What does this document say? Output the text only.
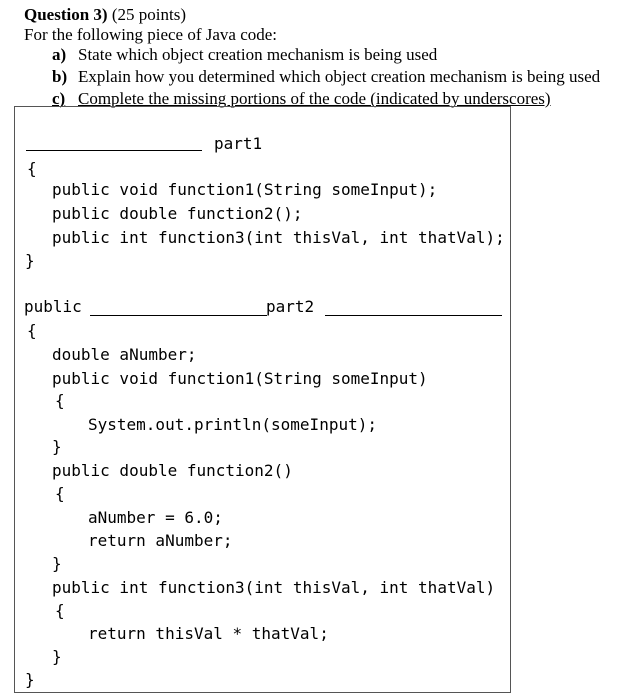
Question 3) (25 points)
For the following piece of Java code:
a) State which object creation mechanism is being used
b) Explain how you determined which object creation mechanism is being used
c) Complete the missing portions of the code (indicated by underscores)
part1
{
public void function1(String someInput);
public double function2();
public int function3(int thisVal, int thatVal);
}
public	part2
{
double aNumber;
public void function1(String someInput)
{
System.out.println(someInput);
}
public double function2()
{
aNumber = 6.0;
return aNumber;
}
public int function3(int thisVal, int thatVal)
{
return thisVal * thatVal;
}
}
